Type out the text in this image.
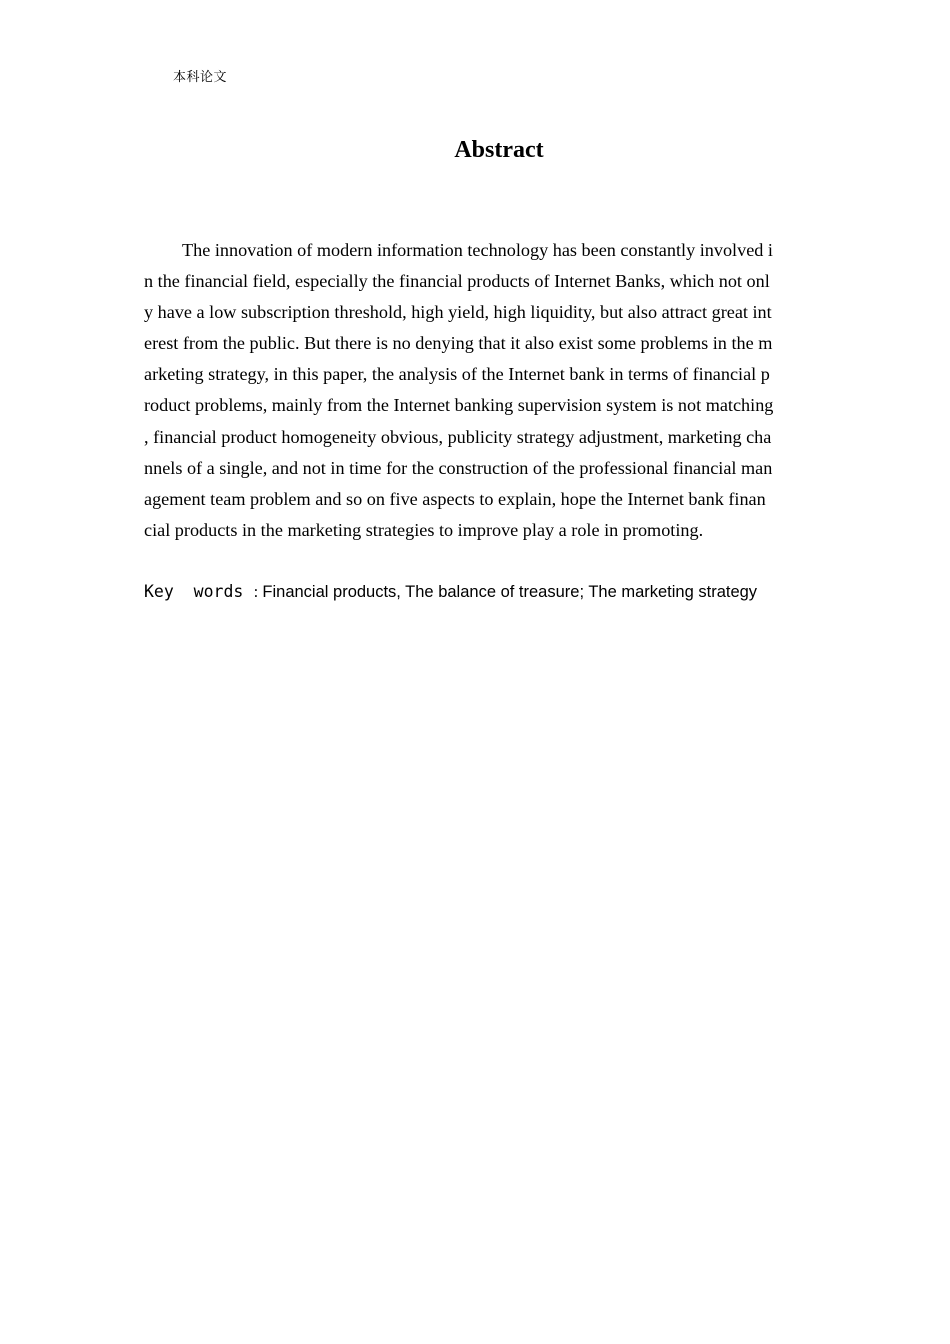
本科论文
Abstract
The innovation of modern information technology has been constantly involved i
n the financial field, especially the financial products of Internet Banks, which not onl
y have a low subscription threshold, high yield, high liquidity, but also attract great int
erest from the public. But there is no denying that it also exist some problems in the m
arketing strategy, in this paper, the analysis of the Internet bank in terms of financial p
roduct problems, mainly from the Internet banking supervision system is not matching
, financial product homogeneity obvious, publicity strategy adjustment, marketing cha
nnels of a single, and not in time for the construction of the professional financial man
agement team problem and so on five aspects to explain, hope the Internet bank finan
cial products in the marketing strategies to improve play a role in promoting.
Key  words : Financial products, The balance of treasure; The marketing strategy
